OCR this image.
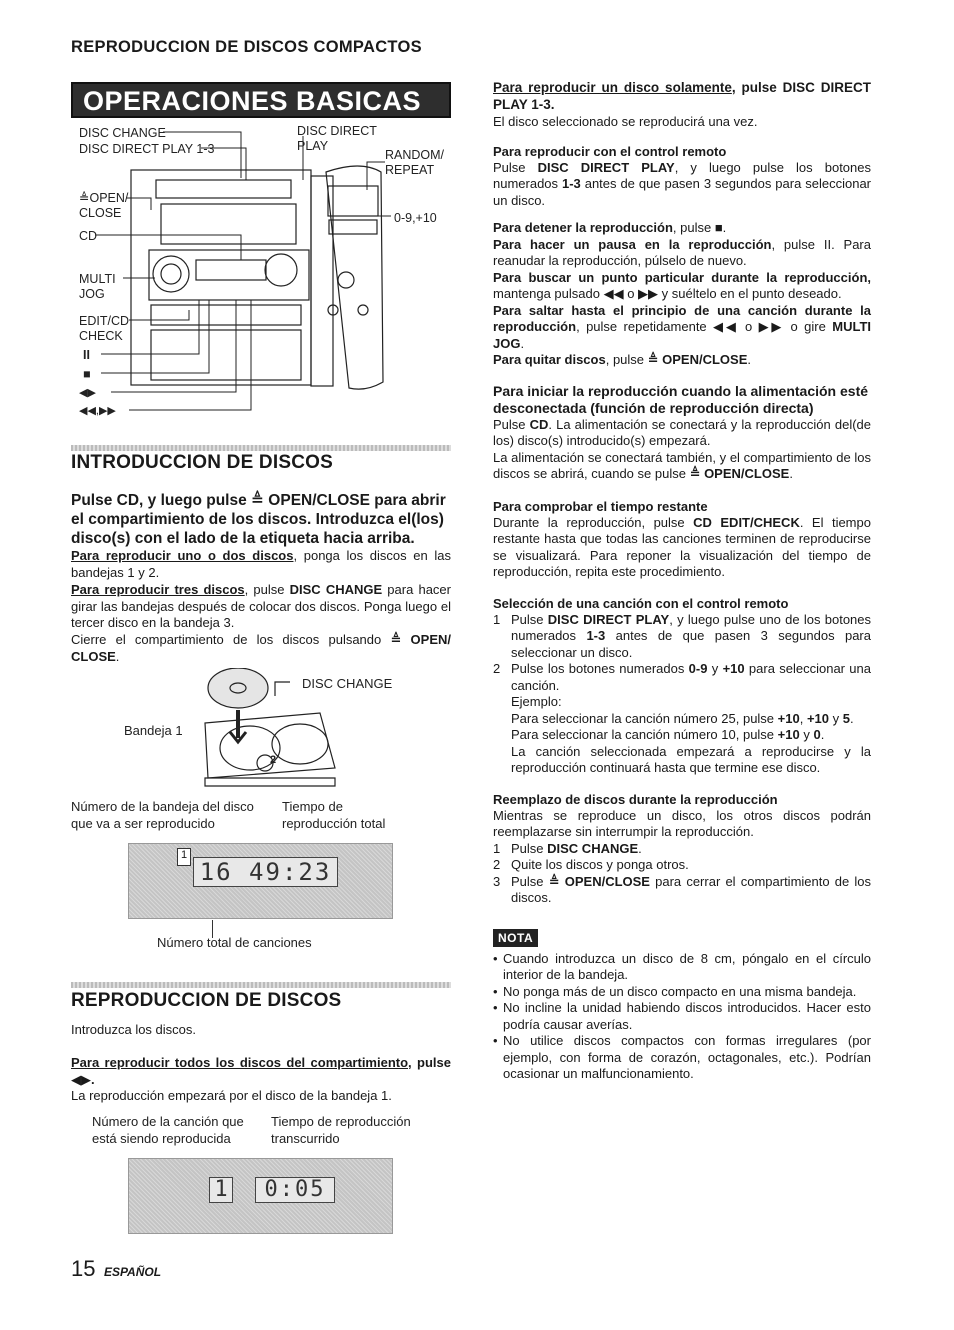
REPRODUCCION DE DISCOS COMPACTOS
OPERACIONES BASICAS
DISC CHANGE
DISC DIRECT PLAY 1-3
DISC DIRECT PLAY
RANDOM/ REPEAT
0-9,+10
≜OPEN/ CLOSE
CD
MULTI JOG
EDIT/CD CHECK
II
■
◀▶
◀◀,▶▶
INTRODUCCION DE DISCOS
Pulse CD, y luego pulse ≜ OPEN/CLOSE para abrir el compartimiento de los discos. Introduzca el(los) disco(s) con el lado de la etiqueta hacia arriba.
Para reproducir uno o dos discos, ponga los discos en las bandejas 1 y 2.
Para reproducir tres discos, pulse DISC CHANGE para hacer girar las bandejas después de colocar dos discos. Ponga luego el tercer disco en la bandeja 3.
Cierre el compartimiento de los discos pulsando ≜ OPEN/ CLOSE.
DISC CHANGE
Bandeja 1
2
Número de la bandeja del disco que va a ser reproducido
Tiempo de reproducción total
1
16 49:23
Número total de canciones
REPRODUCCION DE DISCOS
Introduzca los discos.
Para reproducir todos los discos del compartimiento, pulse ◀▶.
La reproducción empezará por el disco de la bandeja 1.
Número de la canción que está siendo reproducida
Tiempo de reproducción transcurrido
1	0:05
15 ESPAÑOL
Para reproducir un disco solamente, pulse DISC DIRECT PLAY 1-3.
El disco seleccionado se reproducirá una vez.
Para reproducir con el control remoto
Pulse DISC DIRECT PLAY, y luego pulse los botones numerados 1-3 antes de que pasen 3 segundos para seleccionar un disco.
Para detener la reproducción, pulse ■.
Para hacer un pausa en la reproducción, pulse II. Para reanudar la reproducción, púlselo de nuevo.
Para buscar un punto particular durante la reproducción, mantenga pulsado ◀◀ o ▶▶ y suéltelo en el punto deseado.
Para saltar hasta el principio de una canción durante la reproducción, pulse repetidamente ◀◀ o ▶▶ o gire MULTI JOG.
Para quitar discos, pulse ≜ OPEN/CLOSE.
Para iniciar la reproducción cuando la alimentación esté desconectada (función de reproducción directa)
Pulse CD. La alimentación se conectará y la reproducción del(de los) disco(s) introducido(s) empezará.
La alimentación se conectará también, y el compartimiento de los discos se abrirá, cuando se pulse ≜ OPEN/CLOSE.
Para comprobar el tiempo restante
Durante la reproducción, pulse CD EDIT/CHECK. El tiempo restante hasta que todas las canciones terminen de reproducirse se visualizará. Para reponer la visualización del tiempo de reproducción, repita este procedimiento.
Selección de una canción con el control remoto
1 Pulse DISC DIRECT PLAY, y luego pulse uno de los botones numerados 1-3 antes de que pasen 3 segundos para seleccionar un disco.
2 Pulse los botones numerados 0-9 y +10 para seleccionar una canción.
Ejemplo:
Para seleccionar la canción número 25, pulse +10, +10 y 5.
Para seleccionar la canción número 10, pulse +10 y 0.
La canción seleccionada empezará a reproducirse y la reproducción continuará hasta que termine ese disco.
Reemplazo de discos durante la reproducción
Mientras se reproduce un disco, los otros discos podrán reemplazarse sin interrumpir la reproducción.
1 Pulse DISC CHANGE.
2 Quite los discos y ponga otros.
3 Pulse ≜ OPEN/CLOSE para cerrar el compartimiento de los discos.
NOTA
• Cuando introduzca un disco de 8 cm, póngalo en el círculo interior de la bandeja.
• No ponga más de un disco compacto en una misma bandeja.
• No incline la unidad habiendo discos introducidos. Hacer esto podría causar averías.
• No utilice discos compactos con formas irregulares (por ejemplo, con forma de corazón, octagonales, etc.). Podrían ocasionar un malfuncionamiento.
